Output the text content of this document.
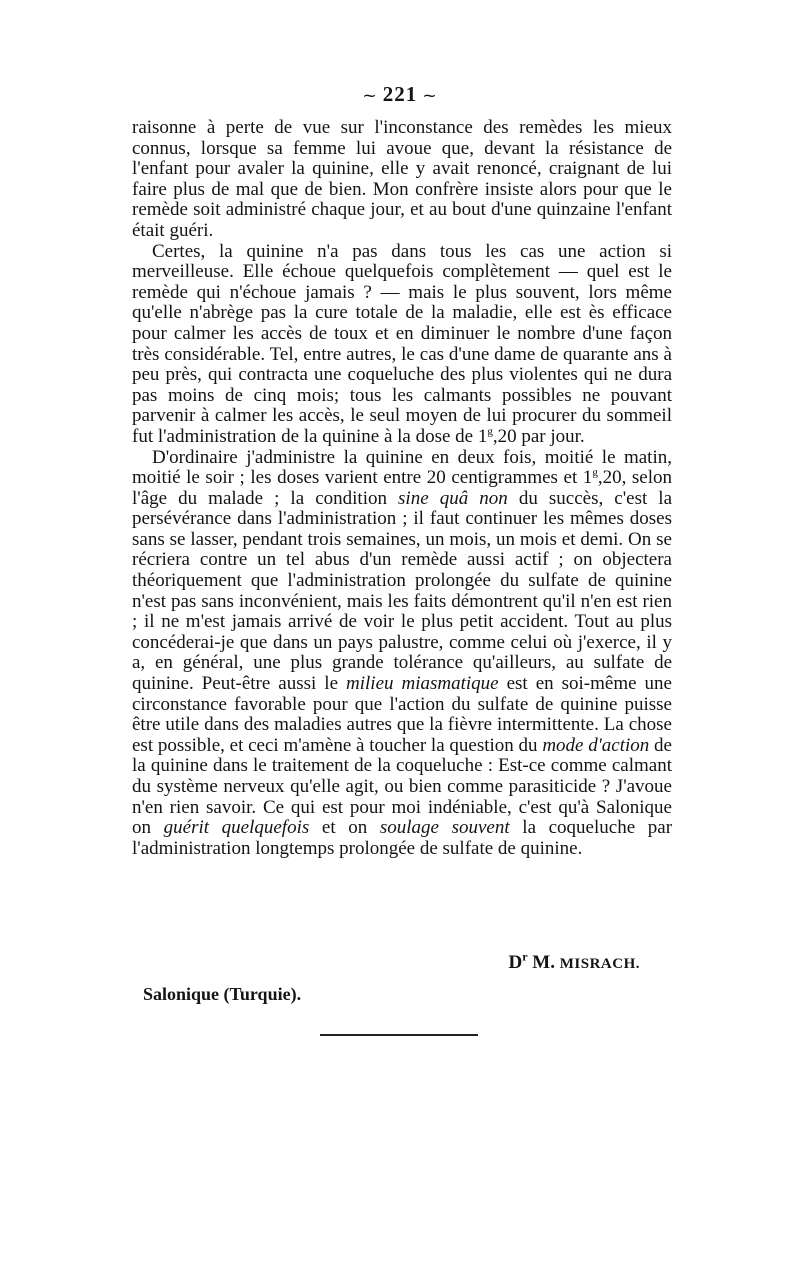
⁓ 221 ⁓

raisonne à perte de vue sur l'inconstance des remèdes les mieux connus, lorsque sa femme lui avoue que, devant la résistance de l'enfant pour avaler la quinine, elle y avait renoncé, craignant de lui faire plus de mal que de bien. Mon confrère insiste alors pour que le remède soit administré chaque jour, et au bout d'une quinzaine l'enfant était guéri.

Certes, la quinine n'a pas dans tous les cas une action si merveilleuse. Elle échoue quelquefois complètement — quel est le remède qui n'échoue jamais ? — mais le plus souvent, lors même qu'elle n'abrège pas la cure totale de la maladie, elle est ès efficace pour calmer les accès de toux et en diminuer le nombre d'une façon très considérable. Tel, entre autres, le cas d'une dame de quarante ans à peu près, qui contracta une coqueluche des plus violentes qui ne dura pas moins de cinq mois; tous les calmants possibles ne pouvant parvenir à calmer les accès, le seul moyen de lui procurer du sommeil fut l'administration de la quinine à la dose de 1$^g$,20 par jour.

D'ordinaire j'administre la quinine en deux fois, moitié le matin, moitié le soir ; les doses varient entre 20 centigrammes et 1$^g$,20, selon l'âge du malade ; la condition sine quâ non du succès, c'est la persévérance dans l'administration ; il faut continuer les mêmes doses sans se lasser, pendant trois semaines, un mois, un mois et demi. On se récriera contre un tel abus d'un remède aussi actif ; on objectera théoriquement que l'administration prolongée du sulfate de quinine n'est pas sans inconvénient, mais les faits démontrent qu'il n'en est rien ; il ne m'est jamais arrivé de voir le plus petit accident. Tout au plus concéderai-je que dans un pays palustre, comme celui où j'exerce, il y a, en général, une plus grande tolérance qu'ailleurs, au sulfate de quinine. Peut-être aussi le milieu miasmatique est en soi-même une circonstance favorable pour que l'action du sulfate de quinine puisse être utile dans des maladies autres que la fièvre intermittente. La chose est possible, et ceci m'amène à toucher la question du mode d'action de la quinine dans le traitement de la coqueluche : Est-ce comme calmant du système nerveux qu'elle agit, ou bien comme parasiticide ? J'avoue n'en rien savoir. Ce qui est pour moi indéniable, c'est qu'à Salonique on guérit quelquefois et on soulage souvent la coqueluche par l'administration longtemps prolongée de sulfate de quinine.

$D^r$ M. MISRACH.
Salonique (Turquie).
